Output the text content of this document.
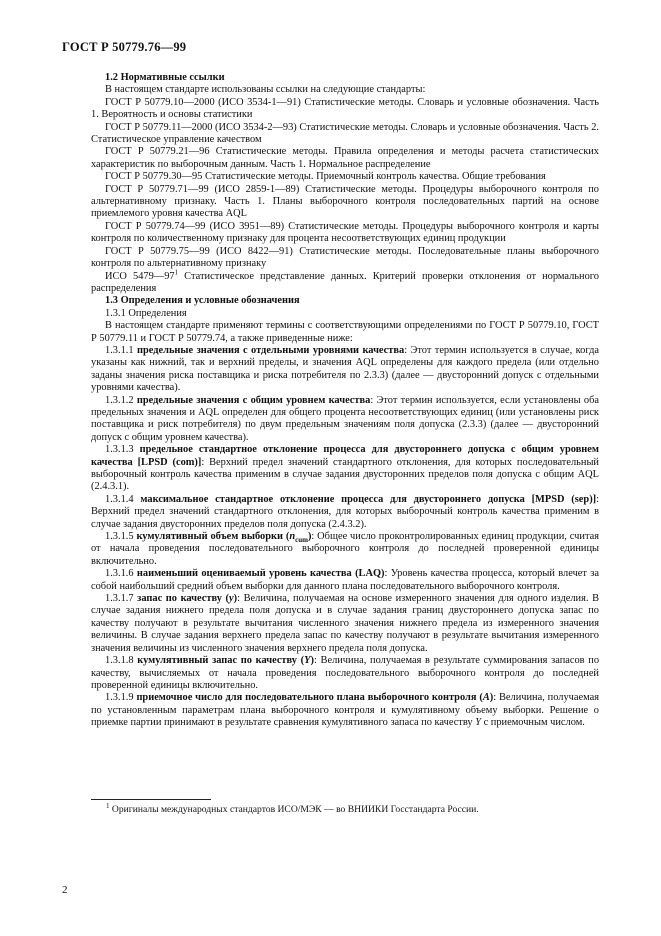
ГОСТ Р 50779.76—99

1.2 Нормативные ссылки

В настоящем стандарте использованы ссылки на следующие стандарты:

ГОСТ Р 50779.10—2000 (ИСО 3534-1—91) Статистические методы. Словарь и условные обозначения. Часть 1. Вероятность и основы статистики

ГОСТ Р 50779.11—2000 (ИСО 3534-2—93) Статистические методы. Словарь и условные обозначения. Часть 2. Статистическое управление качеством

ГОСТ Р 50779.21—96 Статистические методы. Правила определения и методы расчета статистических характеристик по выборочным данным. Часть 1. Нормальное распределение

ГОСТ Р 50779.30—95 Статистические методы. Приемочный контроль качества. Общие требования

ГОСТ Р 50779.71—99 (ИСО 2859-1—89) Статистические методы. Процедуры выборочного контроля по альтернативному признаку. Часть 1. Планы выборочного контроля последовательных партий на основе приемлемого уровня качества AQL

ГОСТ Р 50779.74—99 (ИСО 3951—89) Статистические методы. Процедуры выборочного контроля и карты контроля по количественному признаку для процента несоответствующих единиц продукции

ГОСТ Р 50779.75—99 (ИСО 8422—91) Статистические методы. Последовательные планы выборочного контроля по альтернативному признаку

ИСО $5479—97^1$ Статистическое представление данных. Критерий проверки отклонения от нормального распределения

1.3 Определения и условные обозначения

1.3.1 Определения

В настоящем стандарте применяют термины с соответствующими определениями по ГОСТ Р 50779.10, ГОСТ Р 50779.11 и ГОСТ Р 50779.74, а также приведенные ниже:

1.3.1.1 предельные значения с отдельными уровнями качества: Этот термин используется в случае, когда указаны как нижний, так и верхний пределы, и значения AQL определены для каждого предела (или отдельно заданы значения риска поставщика и риска потребителя по 2.3.3) (далее — двусторонний допуск с отдельными уровнями качества).

1.3.1.2 предельные значения с общим уровнем качества: Этот термин используется, если установлены оба предельных значения и AQL определен для общего процента несоответствующих единиц (или установлены риск поставщика и риск потребителя) по двум предельным значениям поля допуска (2.3.3) (далее — двусторонний допуск с общим уровнем качества).

1.3.1.3 предельное стандартное отклонение процесса для двустороннего допуска с общим уровнем качества [LPSD (com)]: Верхний предел значений стандартного отклонения, для которых последовательный выборочный контроль качества применим в случае задания двусторонних пределов поля допуска с общим AQL (2.4.3.1).

1.3.1.4 максимальное стандартное отклонение процесса для двустороннего допуска [MPSD (sep)]: Верхний предел значений стандартного отклонения, для которых выборочный контроль качества применим в случае задания двусторонних пределов поля допуска (2.4.3.2).

1.3.1.5 кумулятивный объем выборки $(n_{cum})$: Общее число проконтролированных единиц продукции, считая от начала проведения последовательного выборочного контроля до последней проверенной единицы включительно.

1.3.1.6 наименьший оцениваемый уровень качества (LAQ): Уровень качества процесса, который влечет за собой наибольший средний объем выборки для данного плана последовательного выборочного контроля.

1.3.1.7 запас по качеству (y): Величина, получаемая на основе измеренного значения для одного изделия. В случае задания нижнего предела поля допуска и в случае задания границ двустороннего допуска запас по качеству получают в результате вычитания численного значения нижнего предела из измеренного значения величины. В случае задания верхнего предела запас по качеству получают в результате вычитания измеренного значения величины из численного значения верхнего предела поля допуска.

1.3.1.8 кумулятивный запас по качеству (Y): Величина, получаемая в результате суммирования запасов по качеству, вычисляемых от начала проведения последовательного выборочного контроля до последней проверенной единицы включительно.

1.3.1.9 приемочное число для последовательного плана выборочного контроля (A): Величина, получаемая по установленным параметрам плана выборочного контроля и кумулятивному объему выборки. Решение о приемке партии принимают в результате сравнения кумулятивного запаса по качеству Y с приемочным числом.

$^1$ Оригиналы международных стандартов ИСО/МЭК — во ВНИИКИ Госстандарта России.
2
